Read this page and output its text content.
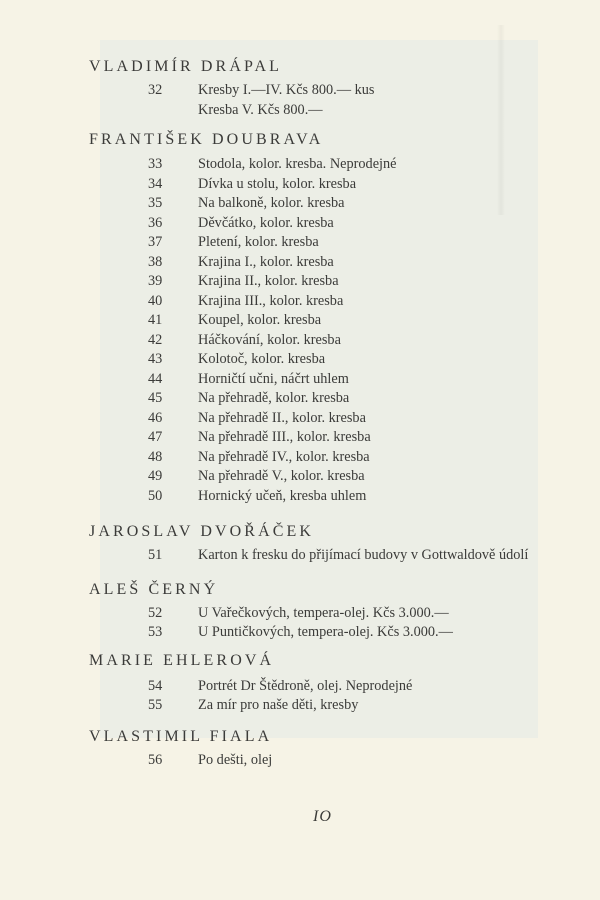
VLADIMÍR DRÁPAL
32	Kresby I.—IV. Kčs 800.— kus
Kresba V. Kčs 800.—
FRANTIŠEK DOUBRAVA
33	Stodola, kolor. kresba. Neprodejné
34	Dívka u stolu, kolor. kresba
35	Na balkoně, kolor. kresba
36	Děvčátko, kolor. kresba
37	Pletení, kolor. kresba
38	Krajina I., kolor. kresba
39	Krajina II., kolor. kresba
40	Krajina III., kolor. kresba
41	Koupel, kolor. kresba
42	Háčkování, kolor. kresba
43	Kolotoč, kolor. kresba
44	Horničtí učni, náčrt uhlem
45	Na přehradě, kolor. kresba
46	Na přehradě II., kolor. kresba
47	Na přehradě III., kolor. kresba
48	Na přehradě IV., kolor. kresba
49	Na přehradě V., kolor. kresba
50	Hornický učeň, kresba uhlem
JAROSLAV DVOŘÁČEK
51	Karton k fresku do přijímací budovy v Gottwaldově údolí
ALEŠ ČERNÝ
52	U Vařečkových, tempera-olej. Kčs 3.000.—
53	U Puntičkových, tempera-olej. Kčs 3.000.—
MARIE EHLEROVÁ
54	Portrét Dr Štědroně, olej. Neprodejné
55	Za mír pro naše děti, kresby
VLASTIMIL FIALA
56	Po dešti, olej
IO
